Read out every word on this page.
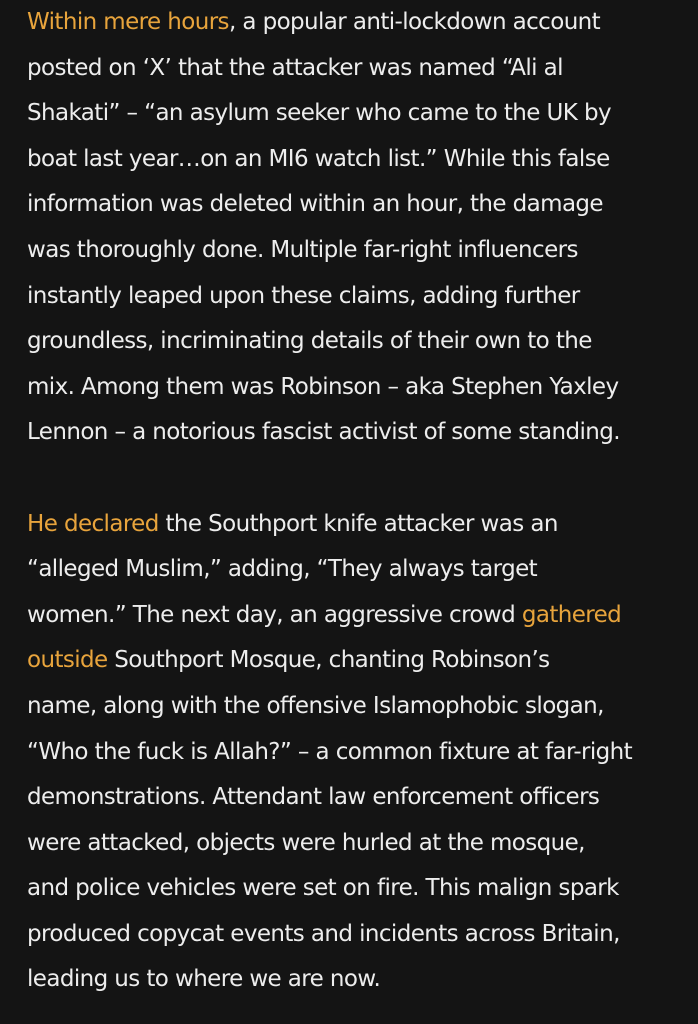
Within mere hours, a popular anti-lockdown account
posted on ‘X’ that the attacker was named “Ali al
Shakati” – “an asylum seeker who came to the UK by
boat last year…on an MI6 watch list.” While this false
information was deleted within an hour, the damage
was thoroughly done. Multiple far-right influencers
instantly leaped upon these claims, adding further
groundless, incriminating details of their own to the
mix. Among them was Robinson – aka Stephen Yaxley
Lennon – a notorious fascist activist of some standing.
He declared the Southport knife attacker was an
“alleged Muslim,” adding, “They always target
women.” The next day, an aggressive crowd gathered
outside Southport Mosque, chanting Robinson’s
name, along with the offensive Islamophobic slogan,
“Who the fuck is Allah?” – a common fixture at far-right
demonstrations. Attendant law enforcement officers
were attacked, objects were hurled at the mosque,
and police vehicles were set on fire. This malign spark
produced copycat events and incidents across Britain,
leading us to where we are now.
